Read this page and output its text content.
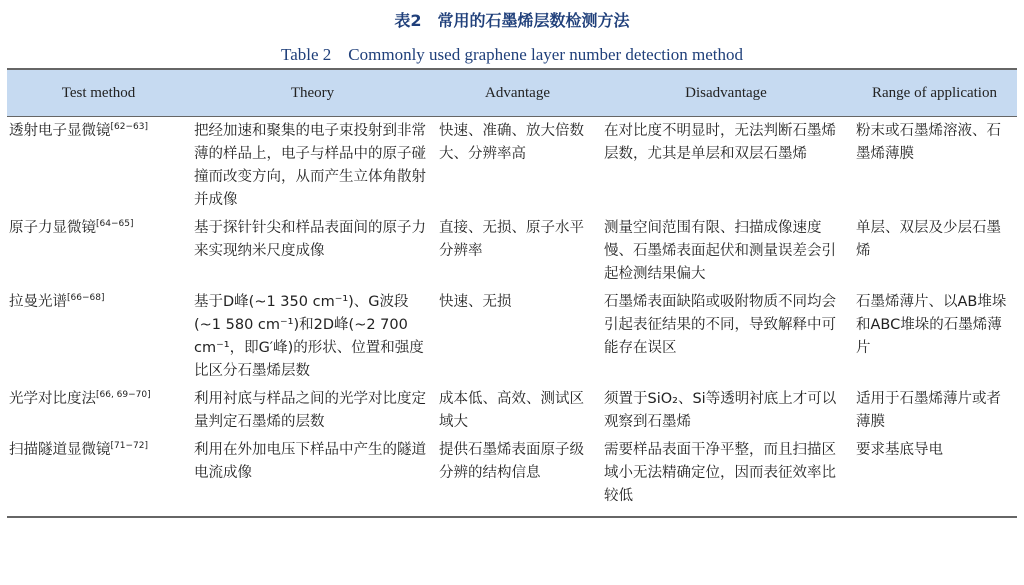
表2　常用的石墨烯层数检测方法
Table 2　Commonly used graphene layer number detection method
Test method	Theory	Advantage	Disadvantage	Range of application
透射电子显微镜[62−63]	把经加速和聚集的电子束投射到非常薄的样品上，电子与样品中的原子碰撞而改变方向，从而产生立体角散射并成像	快速、准确、放大倍数大、分辨率高	在对比度不明显时，无法判断石墨烯层数，尤其是单层和双层石墨烯	粉末或石墨烯溶液、石墨烯薄膜
原子力显微镜[64−65]	基于探针针尖和样品表面间的原子力来实现纳米尺度成像	直接、无损、原子水平分辨率	测量空间范围有限、扫描成像速度慢、石墨烯表面起伏和测量误差会引起检测结果偏大	单层、双层及少层石墨烯
拉曼光谱[66−68]	基于D峰(~1 350 cm⁻¹)、G波段(~1 580 cm⁻¹)和2D峰(~2 700 cm⁻¹，即G′峰)的形状、位置和强度比区分石墨烯层数	快速、无损	石墨烯表面缺陷或吸附物质不同均会引起表征结果的不同，导致解释中可能存在误区	石墨烯薄片、以AB堆垛和ABC堆垛的石墨烯薄片
光学对比度法[66, 69−70]	利用衬底与样品之间的光学对比度定量判定石墨烯的层数	成本低、高效、测试区域大	须置于SiO₂、Si等透明衬底上才可以观察到石墨烯	适用于石墨烯薄片或者薄膜
扫描隧道显微镜[71−72]	利用在外加电压下样品中产生的隧道电流成像	提供石墨烯表面原子级分辨的结构信息	需要样品表面干净平整，而且扫描区域小无法精确定位，因而表征效率比较低	要求基底导电
